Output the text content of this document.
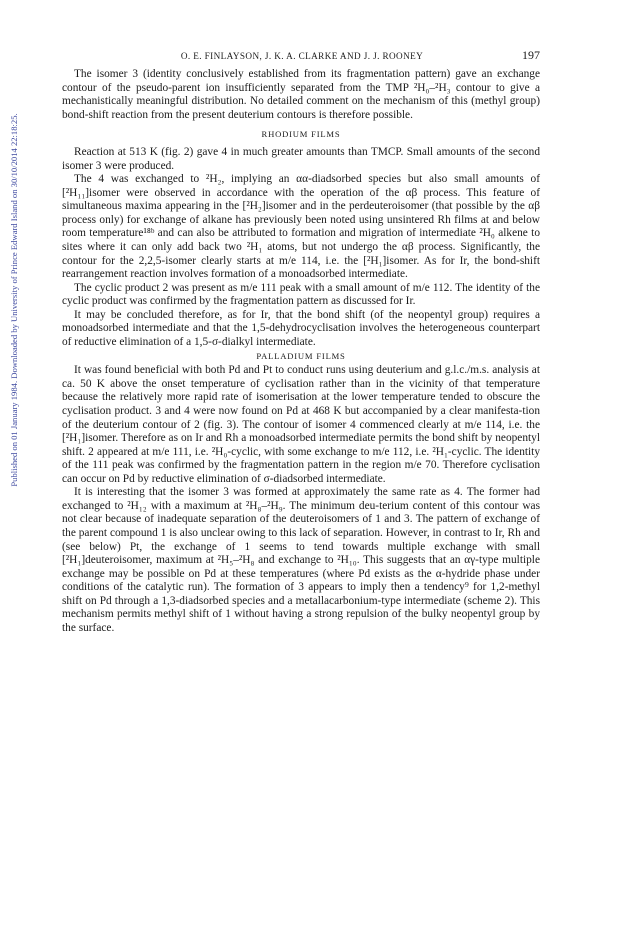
Published on 01 January 1984. Downloaded by University of Prince Edward Island on 30/10/2014 22:18:25.
O. E. FINLAYSON, J. K. A. CLARKE AND J. J. ROONEY	197

The isomer 3 (identity conclusively established from its fragmentation pattern) gave an exchange contour of the pseudo-parent ion insufficiently separated from the TMP ²H₀–²H₃ contour to give a mechanistically meaningful distribution. No detailed comment on the mechanism of this (methyl group) bond-shift reaction from the present deuterium contours is therefore possible.

RHODIUM FILMS

Reaction at 513 K (fig. 2) gave 4 in much greater amounts than TMCP. Small amounts of the second isomer 3 were produced.

The 4 was exchanged to ²H₂, implying an αα-diadsorbed species but also small amounts of [²H₁₁]isomer were observed in accordance with the operation of the αβ process. This feature of simultaneous maxima appearing in the [²H₂]isomer and in the perdeuteroisomer (that possible by the αβ process only) for exchange of alkane has previously been noted using unsintered Rh films at and below room temperature¹⁸ᵇ and can also be attributed to formation and migration of intermediate ²H₀ alkene to sites where it can only add back two ²H₁ atoms, but not undergo the αβ process. Significantly, the contour for the 2,2,5-isomer clearly starts at m/e 114, i.e. the [²H₁]isomer. As for Ir, the bond-shift rearrangement reaction involves formation of a monoadsorbed intermediate.

The cyclic product 2 was present as m/e 111 peak with a small amount of m/e 112. The identity of the cyclic product was confirmed by the fragmentation pattern as discussed for Ir.

It may be concluded therefore, as for Ir, that the bond shift (of the neopentyl group) requires a monoadsorbed intermediate and that the 1,5-dehydrocyclisation involves the heterogeneous counterpart of reductive elimination of a 1,5-σ-dialkyl intermediate.

PALLADIUM FILMS

It was found beneficial with both Pd and Pt to conduct runs using deuterium and g.l.c./m.s. analysis at ca. 50 K above the onset temperature of cyclisation rather than in the vicinity of that temperature because the relatively more rapid rate of isomerisation at the lower temperature tended to obscure the cyclisation product. 3 and 4 were now found on Pd at 468 K but accompanied by a clear manifesta-tion of the deuterium contour of 2 (fig. 3). The contour of isomer 4 commenced clearly at m/e 114, i.e. the [²H₁]isomer. Therefore as on Ir and Rh a monoadsorbed intermediate permits the bond shift by neopentyl shift. 2 appeared at m/e 111, i.e. ²H₀-cyclic, with some exchange to m/e 112, i.e. ²H₁-cyclic. The identity of the 111 peak was confirmed by the fragmentation pattern in the region m/e 70. Therefore cyclisation can occur on Pd by reductive elimination of σ-diadsorbed intermediate.

It is interesting that the isomer 3 was formed at approximately the same rate as 4. The former had exchanged to ²H₁₂ with a maximum at ²H₈–²H₉. The minimum deu-terium content of this contour was not clear because of inadequate separation of the deuteroisomers of 1 and 3. The pattern of exchange of the parent compound 1 is also unclear owing to this lack of separation. However, in contrast to Ir, Rh and (see below) Pt, the exchange of 1 seems to tend towards multiple exchange with small [²H₁]deuteroisomer, maximum at ²H₅–²H₈ and exchange to ²H₁₀. This suggests that an αγ-type multiple exchange may be possible on Pd at these temperatures (where Pd exists as the α-hydride phase under conditions of the catalytic run). The formation of 3 appears to imply then a tendency⁹ for 1,2-methyl shift on Pd through a 1,3-diadsorbed species and a metallacarbonium-type intermediate (scheme 2). This mechanism permits methyl shift of 1 without having a strong repulsion of the bulky neopentyl group by the surface.
